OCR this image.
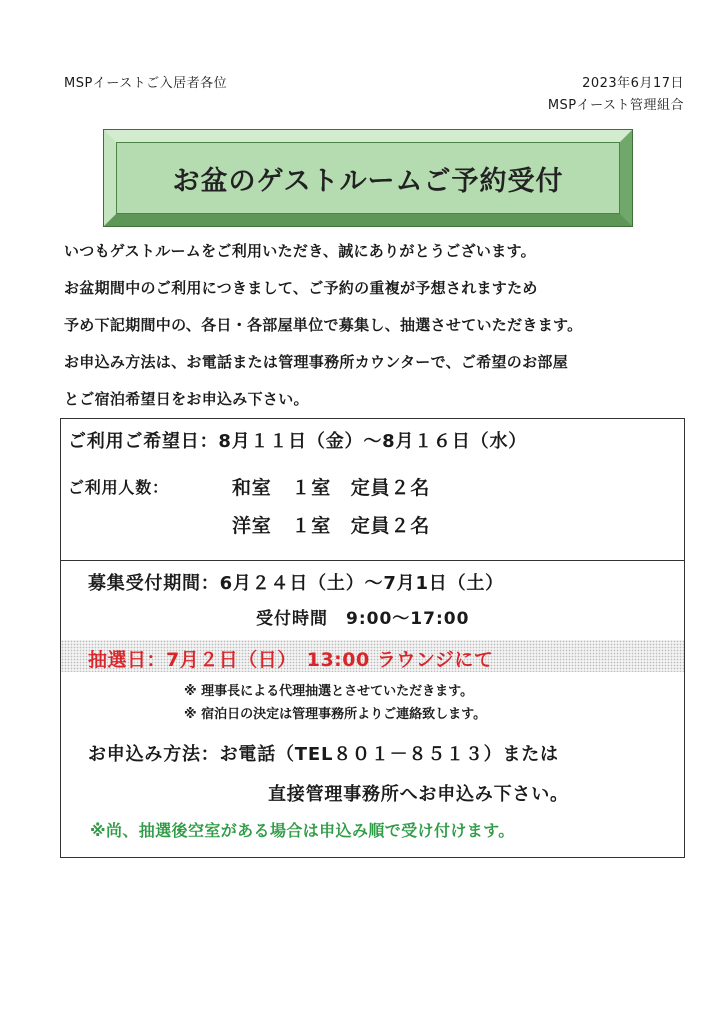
MSPイーストご入居者各位	2023年6月17日
MSPイースト管理組合
お盆のゲストルームご予約受付
いつもゲストルームをご利用いただき、誠にありがとうございます。
お盆期間中のご利用につきまして、ご予約の重複が予想されますため
予め下記期間中の、各日・各部屋単位で募集し、抽選させていただきます。
お申込み方法は、お電話または管理事務所カウンターで、ご希望のお部屋
とご宿泊希望日をお申込み下さい。
ご利用ご希望日：8月１１日（金）～8月１６日（水）
ご利用人数：	和室　１室　定員２名
洋室　１室　定員２名
募集受付期間：6月２４日（土）～7月1日（土）
受付時間　9:00～17:00
抽選日：7月２日（日）　13:00 ラウンジにて
※ 理事長による代理抽選とさせていただきます。
※ 宿泊日の決定は管理事務所よりご連絡致します。
お申込み方法：お電話（TEL８０１－８５１３）または
直接管理事務所へお申込み下さい。
※尚、抽選後空室がある場合は申込み順で受け付けます。
